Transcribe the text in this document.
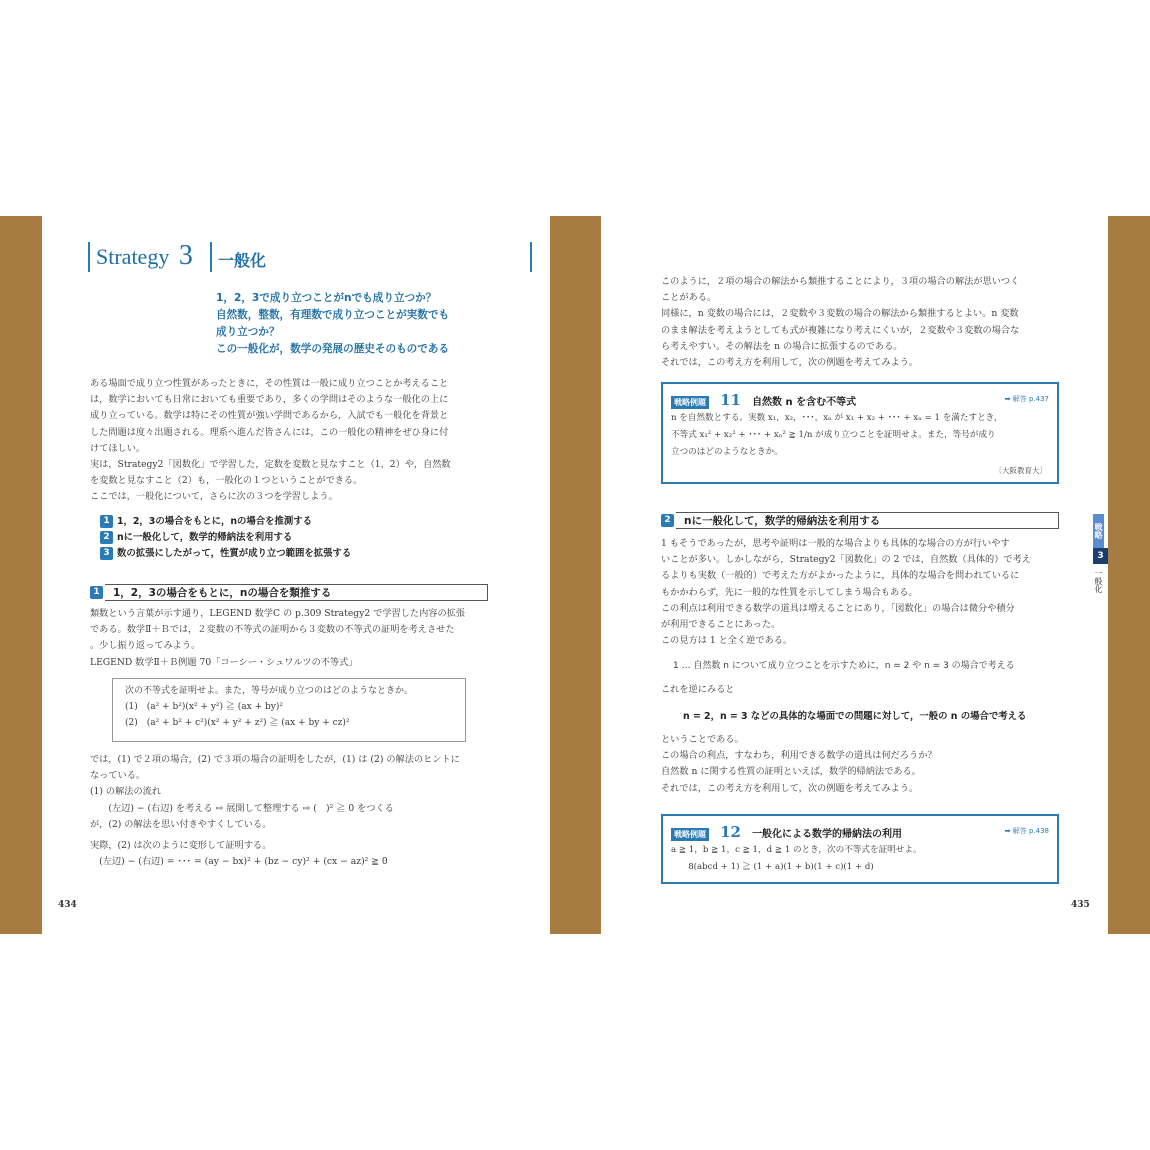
Strategy 3 一般化
1，2，3で成り立つことがnでも成り立つか？
自然数，整数，有理数で成り立つことが実数でも
成り立つか？
この一般化が，数学の発展の歴史そのものである
ある場面で成り立つ性質があったときに，その性質は一般に成り立つことか考えること
は，数学においても日常においても重要であり，多くの学問はそのような一般化の上に
成り立っている。数学は特にその性質が強い学問であるから，入試でも一般化を背景と
した問題は度々出題される。理系へ進んだ皆さんには，この一般化の精神をぜひ身に付
けてほしい。
実は，Strategy2「図数化」で学習した，定数を変数と見なすこと（1，2）や，自然数
を変数と見なすこと（2）も，一般化の１つということができる。
ここでは，一般化について，さらに次の３つを学習しよう。
1 1，2，3の場合をもとに，nの場合を推測する
2 nに一般化して，数学的帰納法を利用する
3 数の拡張にしたがって，性質が成り立つ範囲を拡張する
1	1，2，3の場合をもとに，nの場合を類推する
類数という言葉が示す通り，LEGEND 数学C の p.309 Strategy2 で学習した内容の拡張
である。数学Ⅱ＋Ｂでは，２変数の不等式の証明から３変数の不等式の証明を考えさせた
。少し振り返ってみよう。
LEGEND 数学Ⅱ＋Ｂ例題 70「コーシー・シュワルツの不等式」
次の不等式を証明せよ。また，等号が成り立つのはどのようなときか。
(1)　(a² + b²)(x² + y²) ≧ (ax + by)²
(2)　(a² + b² + c²)(x² + y² + z²) ≧ (ax + by + cz)²
では，(1) で２項の場合，(2) で３項の場合の証明をしたが，(1) は (2) の解法のヒントに
なっている。
(1) の解法の流れ
　　(左辺) − (右辺) を考える ⇨ 展開して整理する ⇨ (　)² ≧ 0 をつくる
が，(2) の解法を思い付きやすくしている。
実際，(2) は次のように変形して証明する。
　(左辺) − (右辺) = ･･･ = (ay − bx)² + (bz − cy)² + (cx − az)² ≧ 0
434
このように，２項の場合の解法から類推することにより，３項の場合の解法が思いつく
ことがある。
同様に，n 変数の場合には，２変数や３変数の場合の解法から類推するとよい。n 変数
のまま解法を考えようとしても式が複雑になり考えにくいが，２変数や３変数の場合な
ら考えやすい。その解法を n の場合に拡張するのである。
それでは，この考え方を利用して，次の例題を考えてみよう。
戦略例題 11 自然数 n を含む不等式	➡ 解答 p.437
n を自然数とする。実数 x₁，x₂，･･･，xₙ が x₁ + x₂ + ･･･ + xₙ = 1 を満たすとき，
不等式 x₁² + x₂² + ･･･ + xₙ² ≧ 1/n が成り立つことを証明せよ。また，等号が成り
立つのはどのようなときか。
〔大阪教育大〕
2	nに一般化して，数学的帰納法を利用する
1 もそうであったが，思考や証明は一般的な場合よりも具体的な場合の方が行いやす
いことが多い。しかしながら，Strategy2「図数化」の 2 では，自然数（具体的）で考え
るよりも実数（一般的）で考えた方がよかったように，具体的な場合を問われているに
もかかわらず，先に一般的な性質を示してしまう場合もある。
この利点は利用できる数学の道具は増えることにあり，「図数化」の場合は微分や積分
が利用できることにあった。
この見方は 1 と全く逆である。
1 … 自然数 n について成り立つことを示すために，n = 2 や n = 3 の場合で考える
これを逆にみると
n = 2，n = 3 などの具体的な場面での問題に対して，一般の n の場合で考える
ということである。
この場合の利点，すなわち，利用できる数学の道具は何だろうか？
自然数 n に関する性質の証明といえば，数学的帰納法である。
それでは，この考え方を利用して，次の例題を考えてみよう。
戦略例題 12 一般化による数学的帰納法の利用	➡ 解答 p.438
a ≧ 1，b ≧ 1，c ≧ 1，d ≧ 1 のとき，次の不等式を証明せよ。
　　8(abcd + 1) ≧ (1 + a)(1 + b)(1 + c)(1 + d)
戦略
3
一般化
435
